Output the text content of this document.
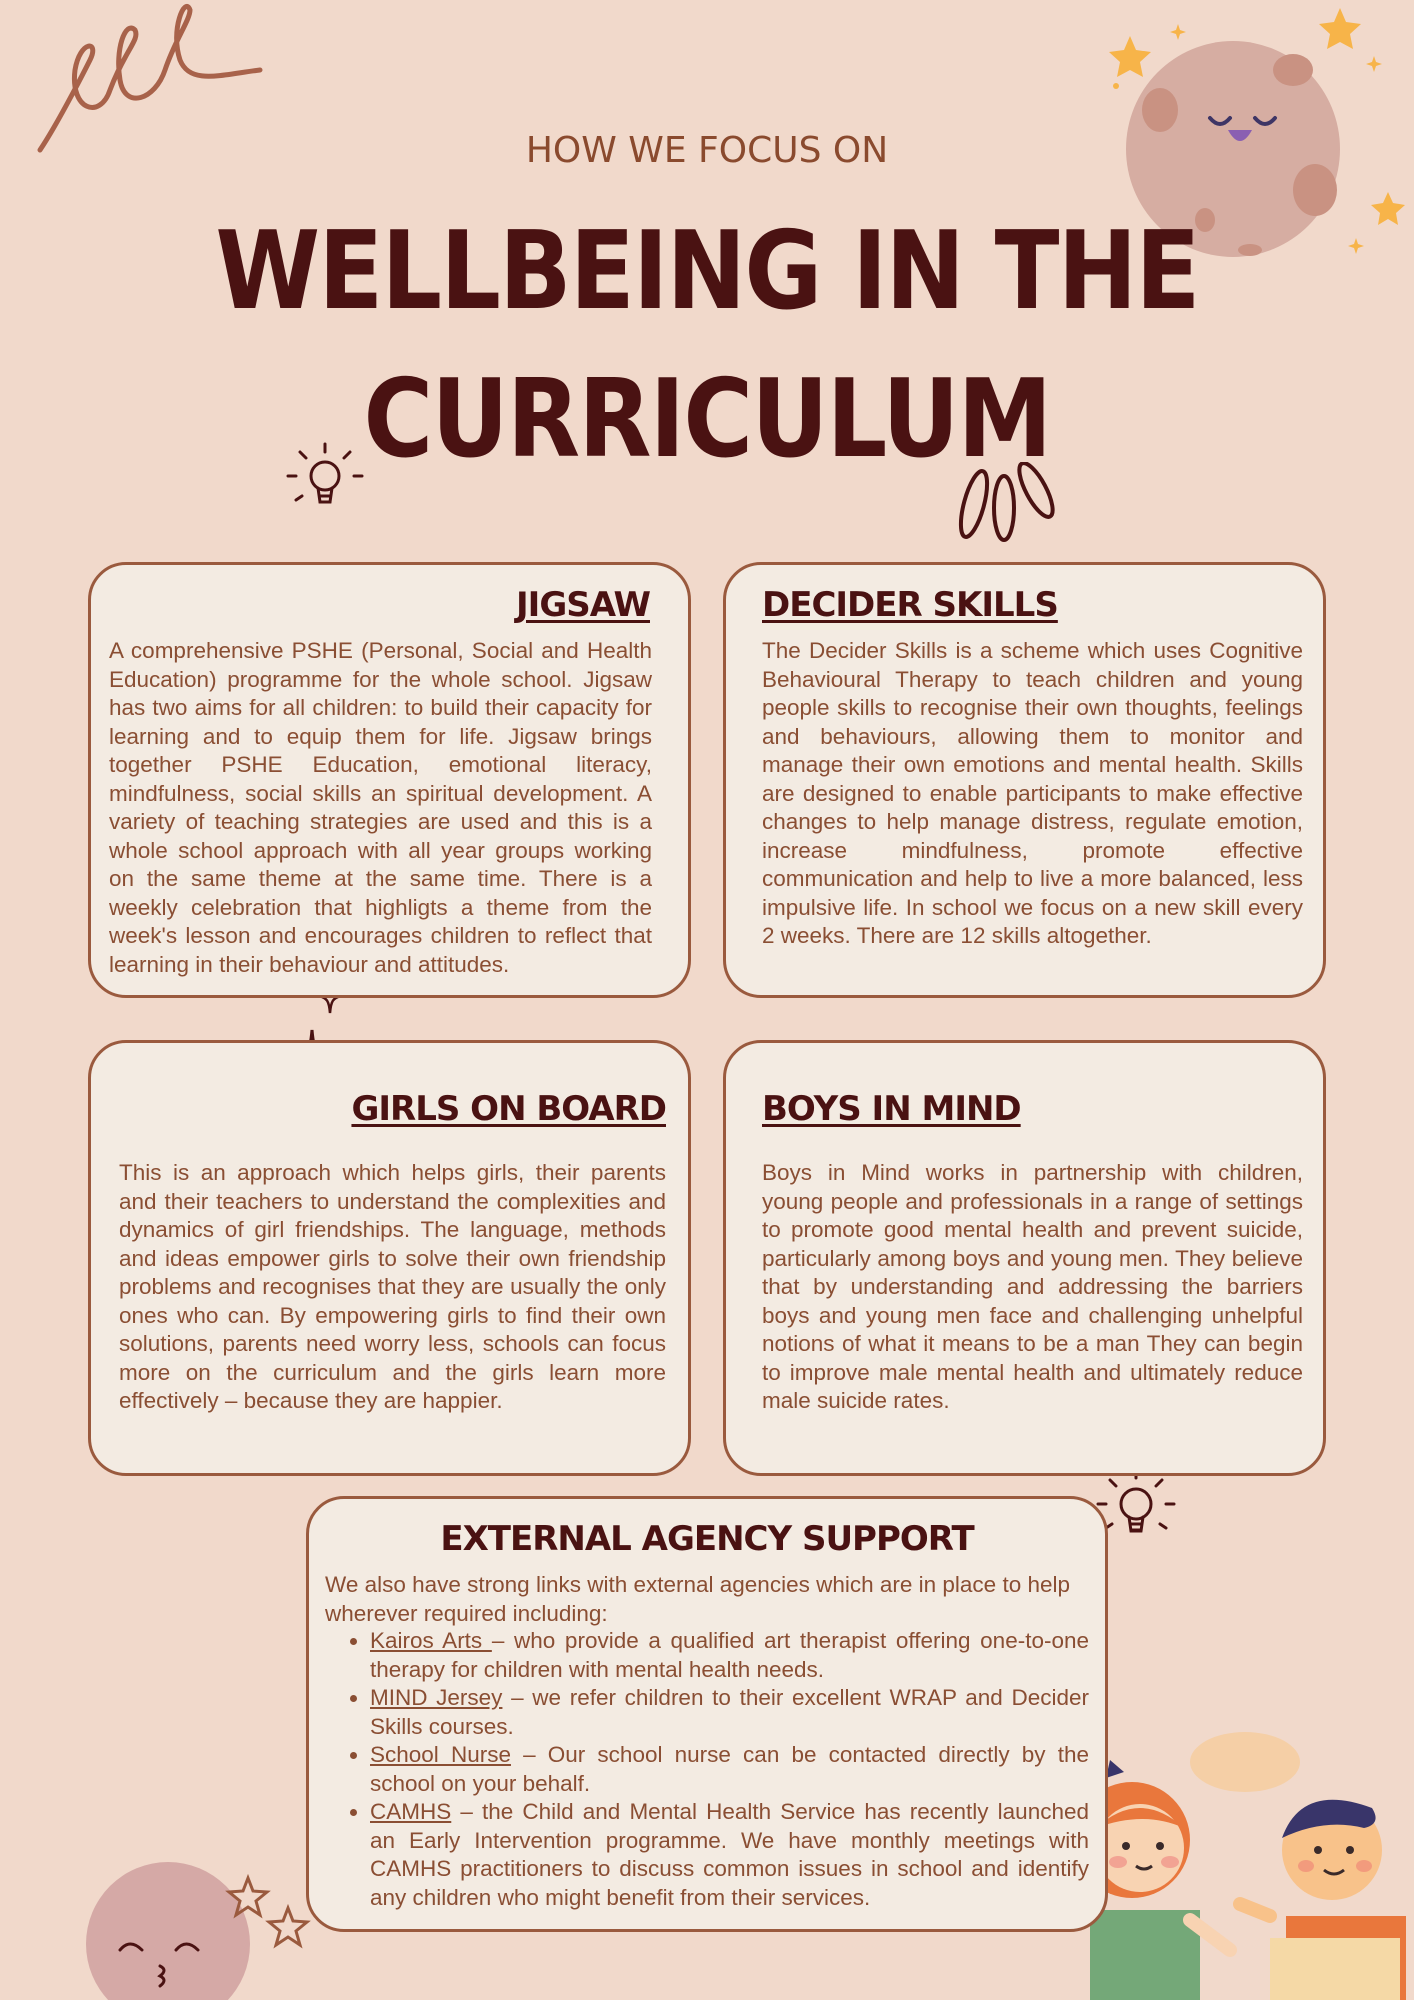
HOW WE FOCUS ON
WELLBEING IN THE
CURRICULUM
JIGSAW

A comprehensive PSHE (Personal, Social and Health Education) programme for the whole school. Jigsaw has two aims for all children: to build their capacity for learning and to equip them for life. Jigsaw brings together PSHE Education, emotional literacy, mindfulness, social skills an spiritual development. A variety of teaching strategies are used and this is a whole school approach with all year groups working on the same theme at the same time. There is a weekly celebration that highligts a theme from the week's lesson and encourages children to reflect that learning in their behaviour and attitudes.

DECIDER SKILLS

The Decider Skills is a scheme which uses Cognitive Behavioural Therapy to teach children and young people skills to recognise their own thoughts, feelings and behaviours, allowing them to monitor and manage their own emotions and mental health. Skills are designed to enable participants to make effective changes to help manage distress, regulate emotion, increase mindfulness, promote effective communication and help to live a more balanced, less impulsive life. In school we focus on a new skill every 2 weeks. There are 12 skills altogether.

GIRLS ON BOARD

This is an approach which helps girls, their parents and their teachers to understand the complexities and dynamics of girl friendships. The language, methods and ideas empower girls to solve their own friendship problems and recognises that they are usually the only ones who can. By empowering girls to find their own solutions, parents need worry less, schools can focus more on the curriculum and the girls learn more effectively – because they are happier.

BOYS IN MIND

Boys in Mind works in partnership with children, young people and professionals in a range of settings to promote good mental health and prevent suicide, particularly among boys and young men. They believe that by understanding and addressing the barriers boys and young men face and challenging unhelpful notions of what it means to be a man They can begin to improve male mental health and ultimately reduce male suicide rates.

EXTERNAL AGENCY SUPPORT
We also have strong links with external agencies which are in place to help wherever required including:
• Kairos Arts – who provide a qualified art therapist offering one-to-one therapy for children with mental health needs.
• MIND Jersey – we refer children to their excellent WRAP and Decider Skills courses.
• School Nurse – Our school nurse can be contacted directly by the school on your behalf.
• CAMHS – the Child and Mental Health Service has recently launched an Early Intervention programme. We have monthly meetings with CAMHS practitioners to discuss common issues in school and identify any children who might benefit from their services.
